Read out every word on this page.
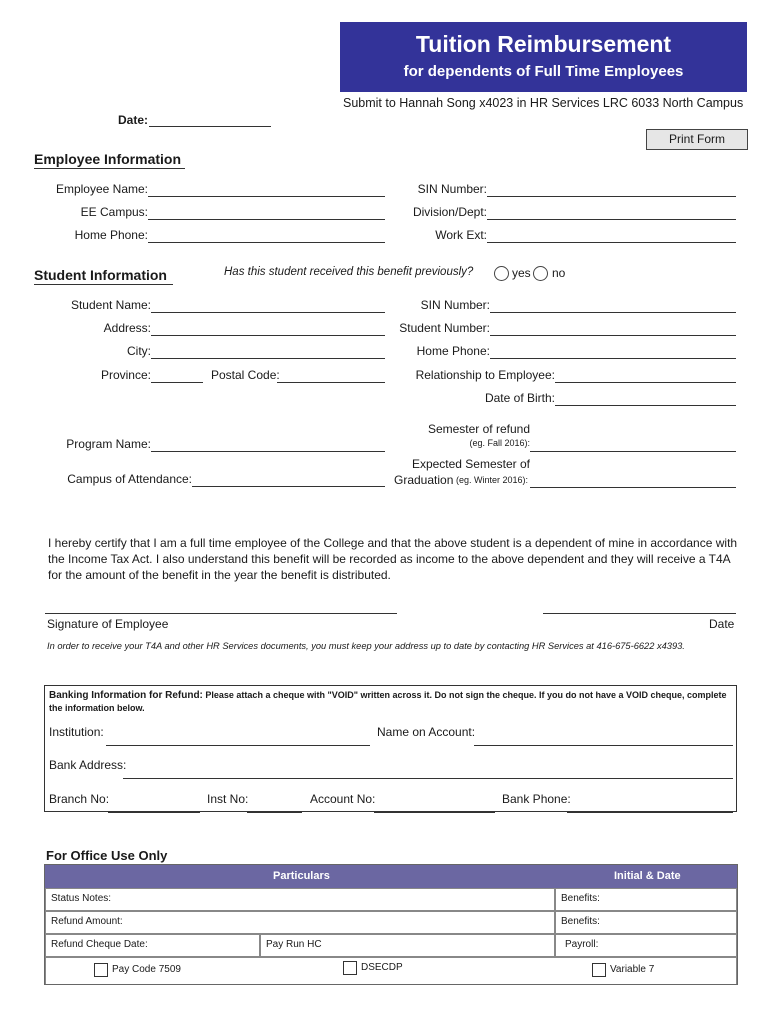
Tuition Reimbursement
for dependents of Full Time Employees
Submit to Hannah Song x4023 in HR Services LRC 6033 North Campus
Date:
Print Form
Employee Information
Employee Name:
EE Campus:
Home Phone:
SIN Number:
Division/Dept:
Work Ext:
Student Information	Has this student received this benefit previously?	yes no
Student Name:
Address:
City:
Province:	Postal Code:
SIN Number:
Student Number:
Home Phone:
Relationship to Employee:
Date of Birth:
Program Name:
Campus of Attendance:
Semester of refund
(eg. Fall 2016):
Expected Semester of
Graduation (eg. Winter 2016):
I hereby certify that I am a full time employee of the College and that the above student is a dependent of mine in accordance with the Income Tax Act. I also understand this benefit will be recorded as income to the above dependent and they will receive a T4A for the amount of the benefit in the year the benefit is distributed.
Signature of Employee	Date
In order to receive your T4A and other HR Services documents, you must keep your address up to date by contacting HR Services at 416-675-6622 x4393.
Banking Information for Refund: Please attach a cheque with "VOID" written across it. Do not sign the cheque. If you do not have a VOID cheque, complete the information below.
Institution:	Name on Account:
Bank Address:
Branch No:	Inst No:	Account No:	Bank Phone:
For Office Use Only
Particulars	Initial & Date
Status Notes:	Benefits:
Refund Amount:	Benefits:
Refund Cheque Date:	Pay Run HC	Payroll:
Pay Code 7509	DSECDP	Variable 7
